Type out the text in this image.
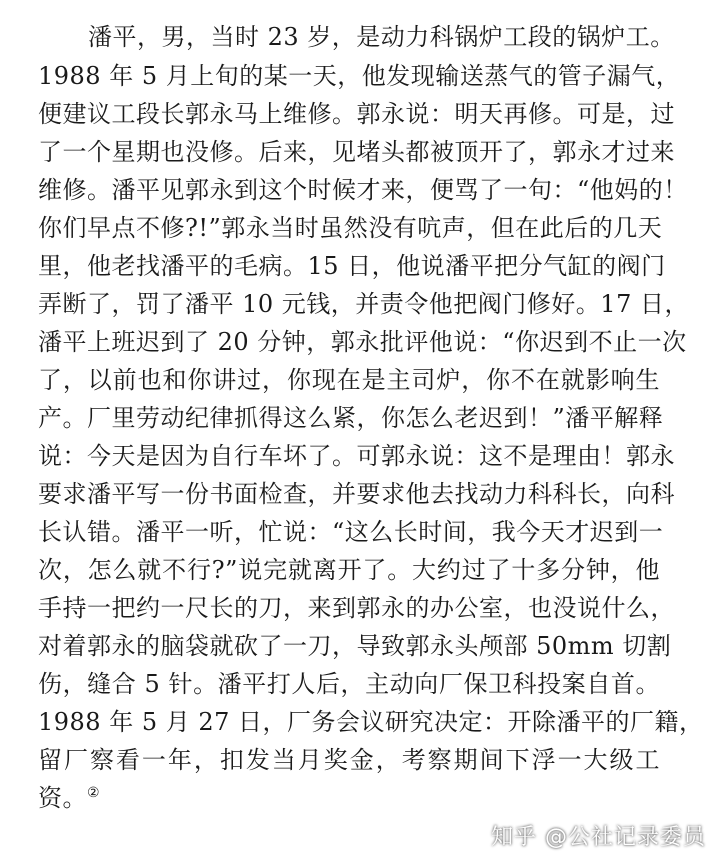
潘平，男，当时 23 岁，是动力科锅炉工段的锅炉工。
1988 年 5 月上旬的某一天，他发现输送蒸气的管子漏气，
便建议工段长郭永马上维修。郭永说：明天再修。可是，过
了一个星期也没修。后来，见堵头都被顶开了，郭永才过来
维修。潘平见郭永到这个时候才来，便骂了一句：“他妈的！
你们早点不修?!”郭永当时虽然没有吭声，但在此后的几天
里，他老找潘平的毛病。15 日，他说潘平把分气缸的阀门
弄断了，罚了潘平 10 元钱，并责令他把阀门修好。17 日，
潘平上班迟到了 20 分钟，郭永批评他说：“你迟到不止一次
了，以前也和你讲过，你现在是主司炉，你不在就影响生
产。厂里劳动纪律抓得这么紧，你怎么老迟到！”潘平解释
说：今天是因为自行车坏了。可郭永说：这不是理由！郭永
要求潘平写一份书面检查，并要求他去找动力科科长，向科
长认错。潘平一听，忙说：“这么长时间，我今天才迟到一
次，怎么就不行?”说完就离开了。大约过了十多分钟，他
手持一把约一尺长的刀，来到郭永的办公室，也没说什么，
对着郭永的脑袋就砍了一刀，导致郭永头颅部 50mm 切割
伤，缝合 5 针。潘平打人后，主动向厂保卫科投案自首。
1988 年 5 月 27 日，厂务会议研究决定：开除潘平的厂籍，
留厂察看一年，扣发当月奖金，考察期间下浮一大级工
资。②
知乎 @公社记录委员
